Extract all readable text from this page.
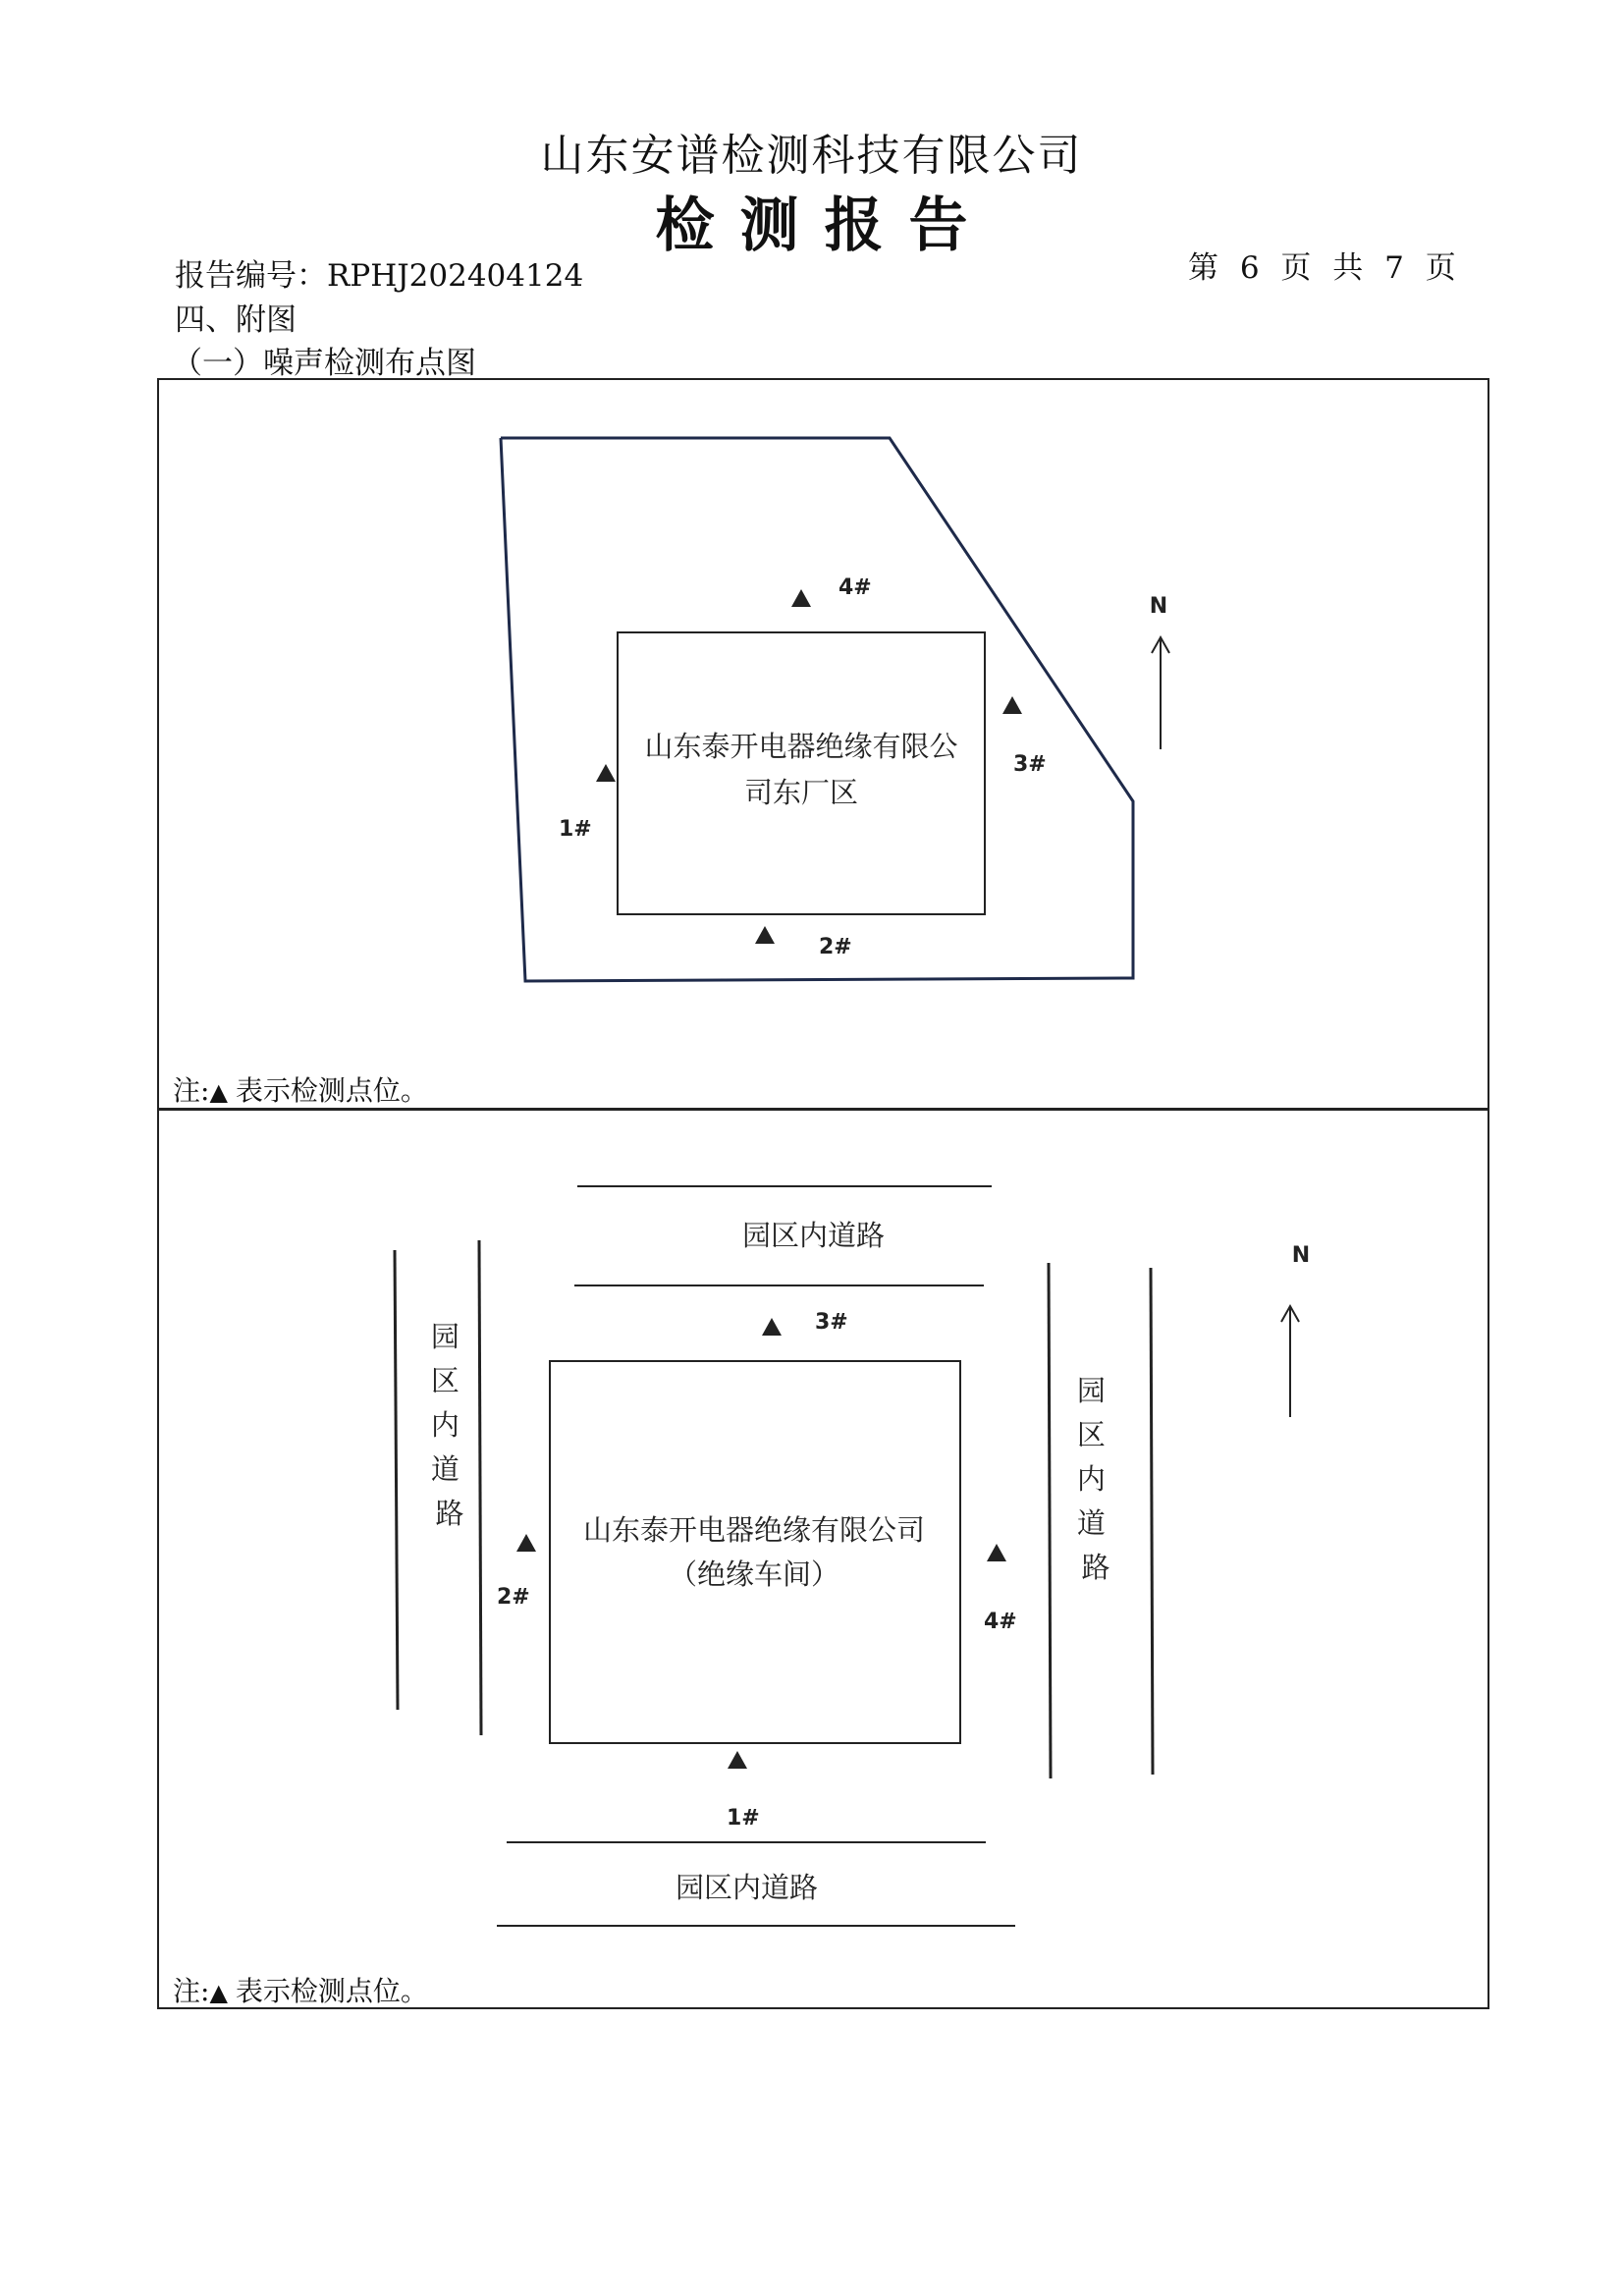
山东安谱检测科技有限公司
检测报告
报告编号：RPHJ202404124	第 6 页 共 7 页
四、附图
（一）噪声检测布点图
山东泰开电器绝缘有限公
司东厂区
1#
2#
3#
4#
N
注:▲ 表示检测点位。
园区内道路
园区内道路
园 区 内 道 路
园 区 内 道 路
山东泰开电器绝缘有限公司
（绝缘车间）
1#
2#
3#
4#
N
注:▲ 表示检测点位。
